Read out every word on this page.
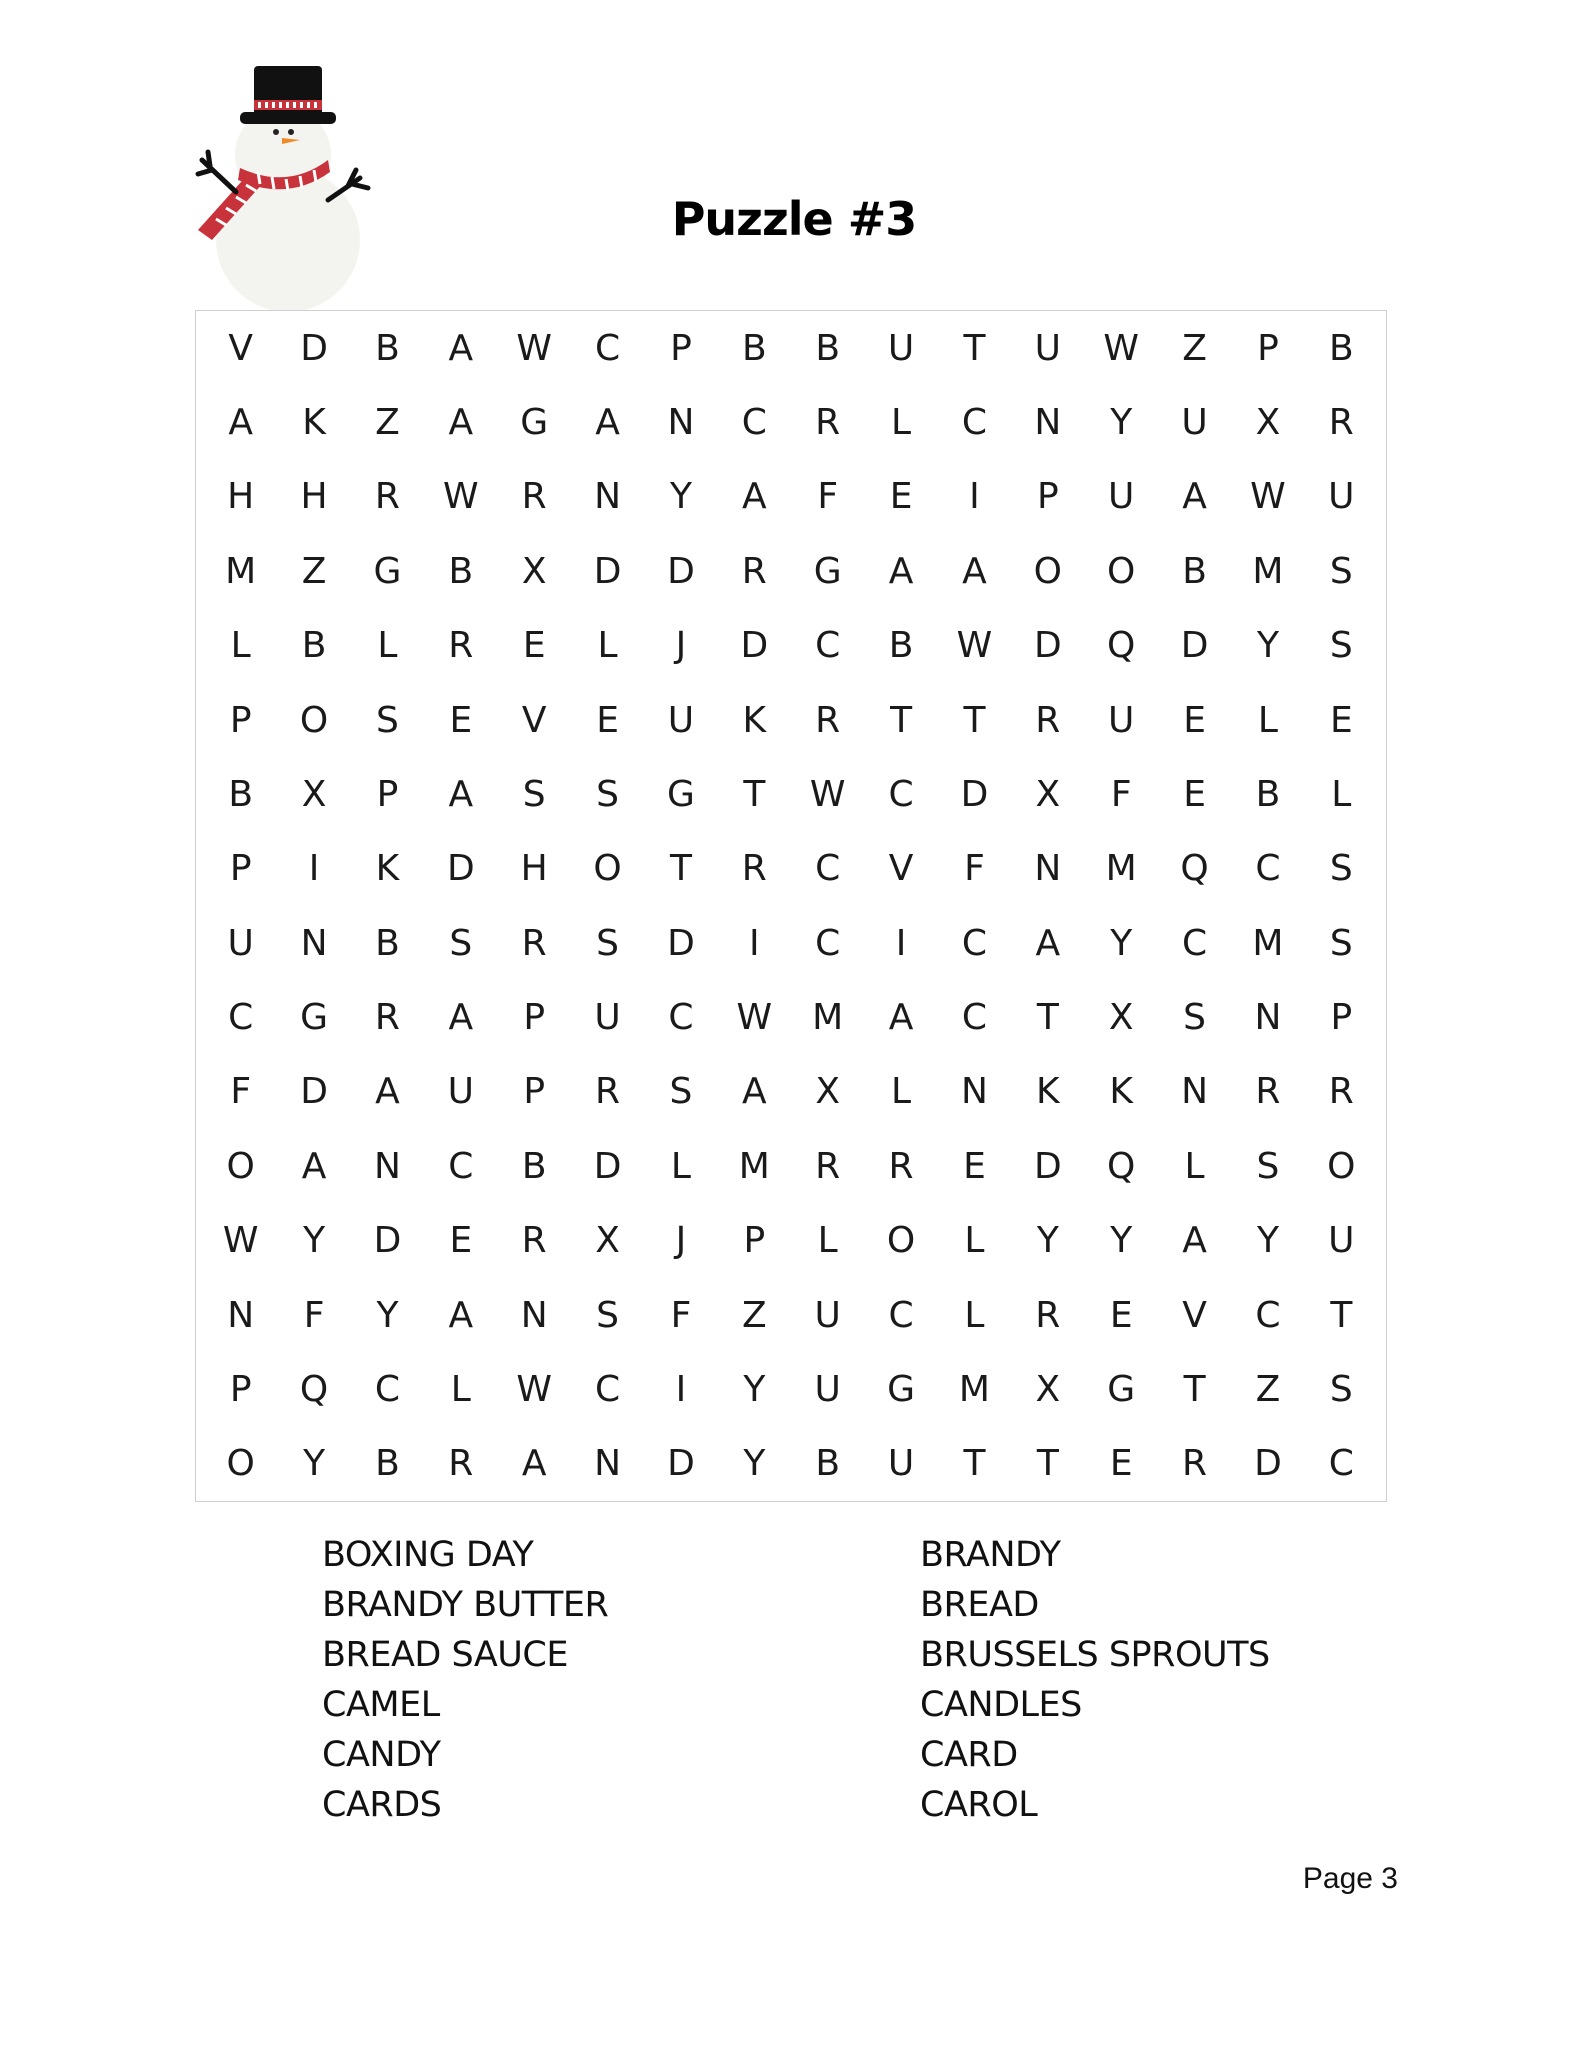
Puzzle #3
V	D	B	A	W	C	P	B	B	U	T	U	W	Z	P	B
A	K	Z	A	G	A	N	C	R	L	C	N	Y	U	X	R
H	H	R	W	R	N	Y	A	F	E	I	P	U	A	W	U
M	Z	G	B	X	D	D	R	G	A	A	O	O	B	M	S
L	B	L	R	E	L	J	D	C	B	W	D	Q	D	Y	S
P	O	S	E	V	E	U	K	R	T	T	R	U	E	L	E
B	X	P	A	S	S	G	T	W	C	D	X	F	E	B	L
P	I	K	D	H	O	T	R	C	V	F	N	M	Q	C	S
U	N	B	S	R	S	D	I	C	I	C	A	Y	C	M	S
C	G	R	A	P	U	C	W	M	A	C	T	X	S	N	P
F	D	A	U	P	R	S	A	X	L	N	K	K	N	R	R
O	A	N	C	B	D	L	M	R	R	E	D	Q	L	S	O
W	Y	D	E	R	X	J	P	L	O	L	Y	Y	A	Y	U
N	F	Y	A	N	S	F	Z	U	C	L	R	E	V	C	T
P	Q	C	L	W	C	I	Y	U	G	M	X	G	T	Z	S
O	Y	B	R	A	N	D	Y	B	U	T	T	E	R	D	C
BOXING DAY
BRANDY BUTTER
BREAD SAUCE
CAMEL
CANDY
CARDS
BRANDY
BREAD
BRUSSELS SPROUTS
CANDLES
CARD
CAROL
Page 3
